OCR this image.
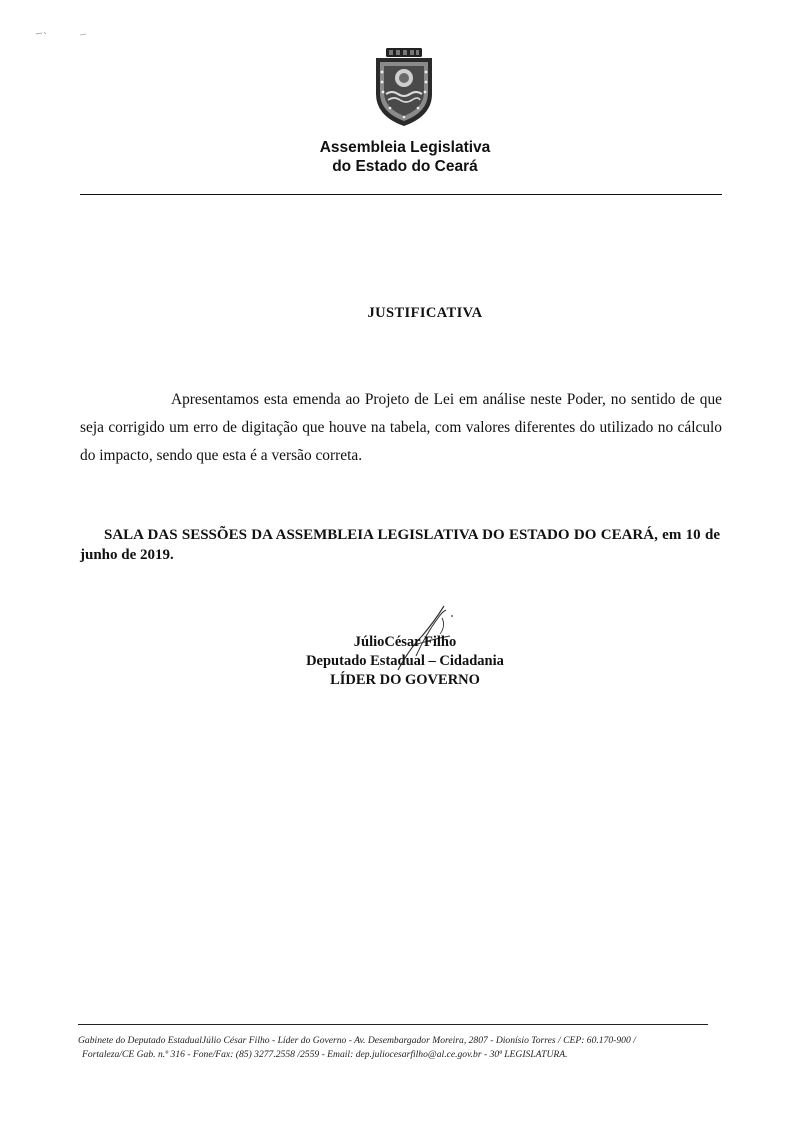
Assembleia Legislativa
do Estado do Ceará
JUSTIFICATIVA

Apresentamos esta emenda ao Projeto de Lei em análise neste Poder, no sentido de que seja corrigido um erro de digitação que houve na tabela, com valores diferentes do utilizado no cálculo do impacto, sendo que esta é a versão correta.

SALA DAS SESSÕES DA ASSEMBLEIA LEGISLATIVA DO ESTADO DO CEARÁ, em 10 de junho de 2019.

JúlioCésar Filho
Deputado Estadual – Cidadania
LÍDER DO GOVERNO
Gabinete do Deputado EstadualJúlio César Filho - Líder do Governo - Av. Desembargador Moreira, 2807 - Dionísio Torres / CEP: 60.170-900 /
Fortaleza/CE Gab. n.º 316 - Fone/Fax: (85) 3277.2558 /2559 - Email: dep.juliocesarfilho@al.ce.gov.br - 30ª LEGISLATURA.
